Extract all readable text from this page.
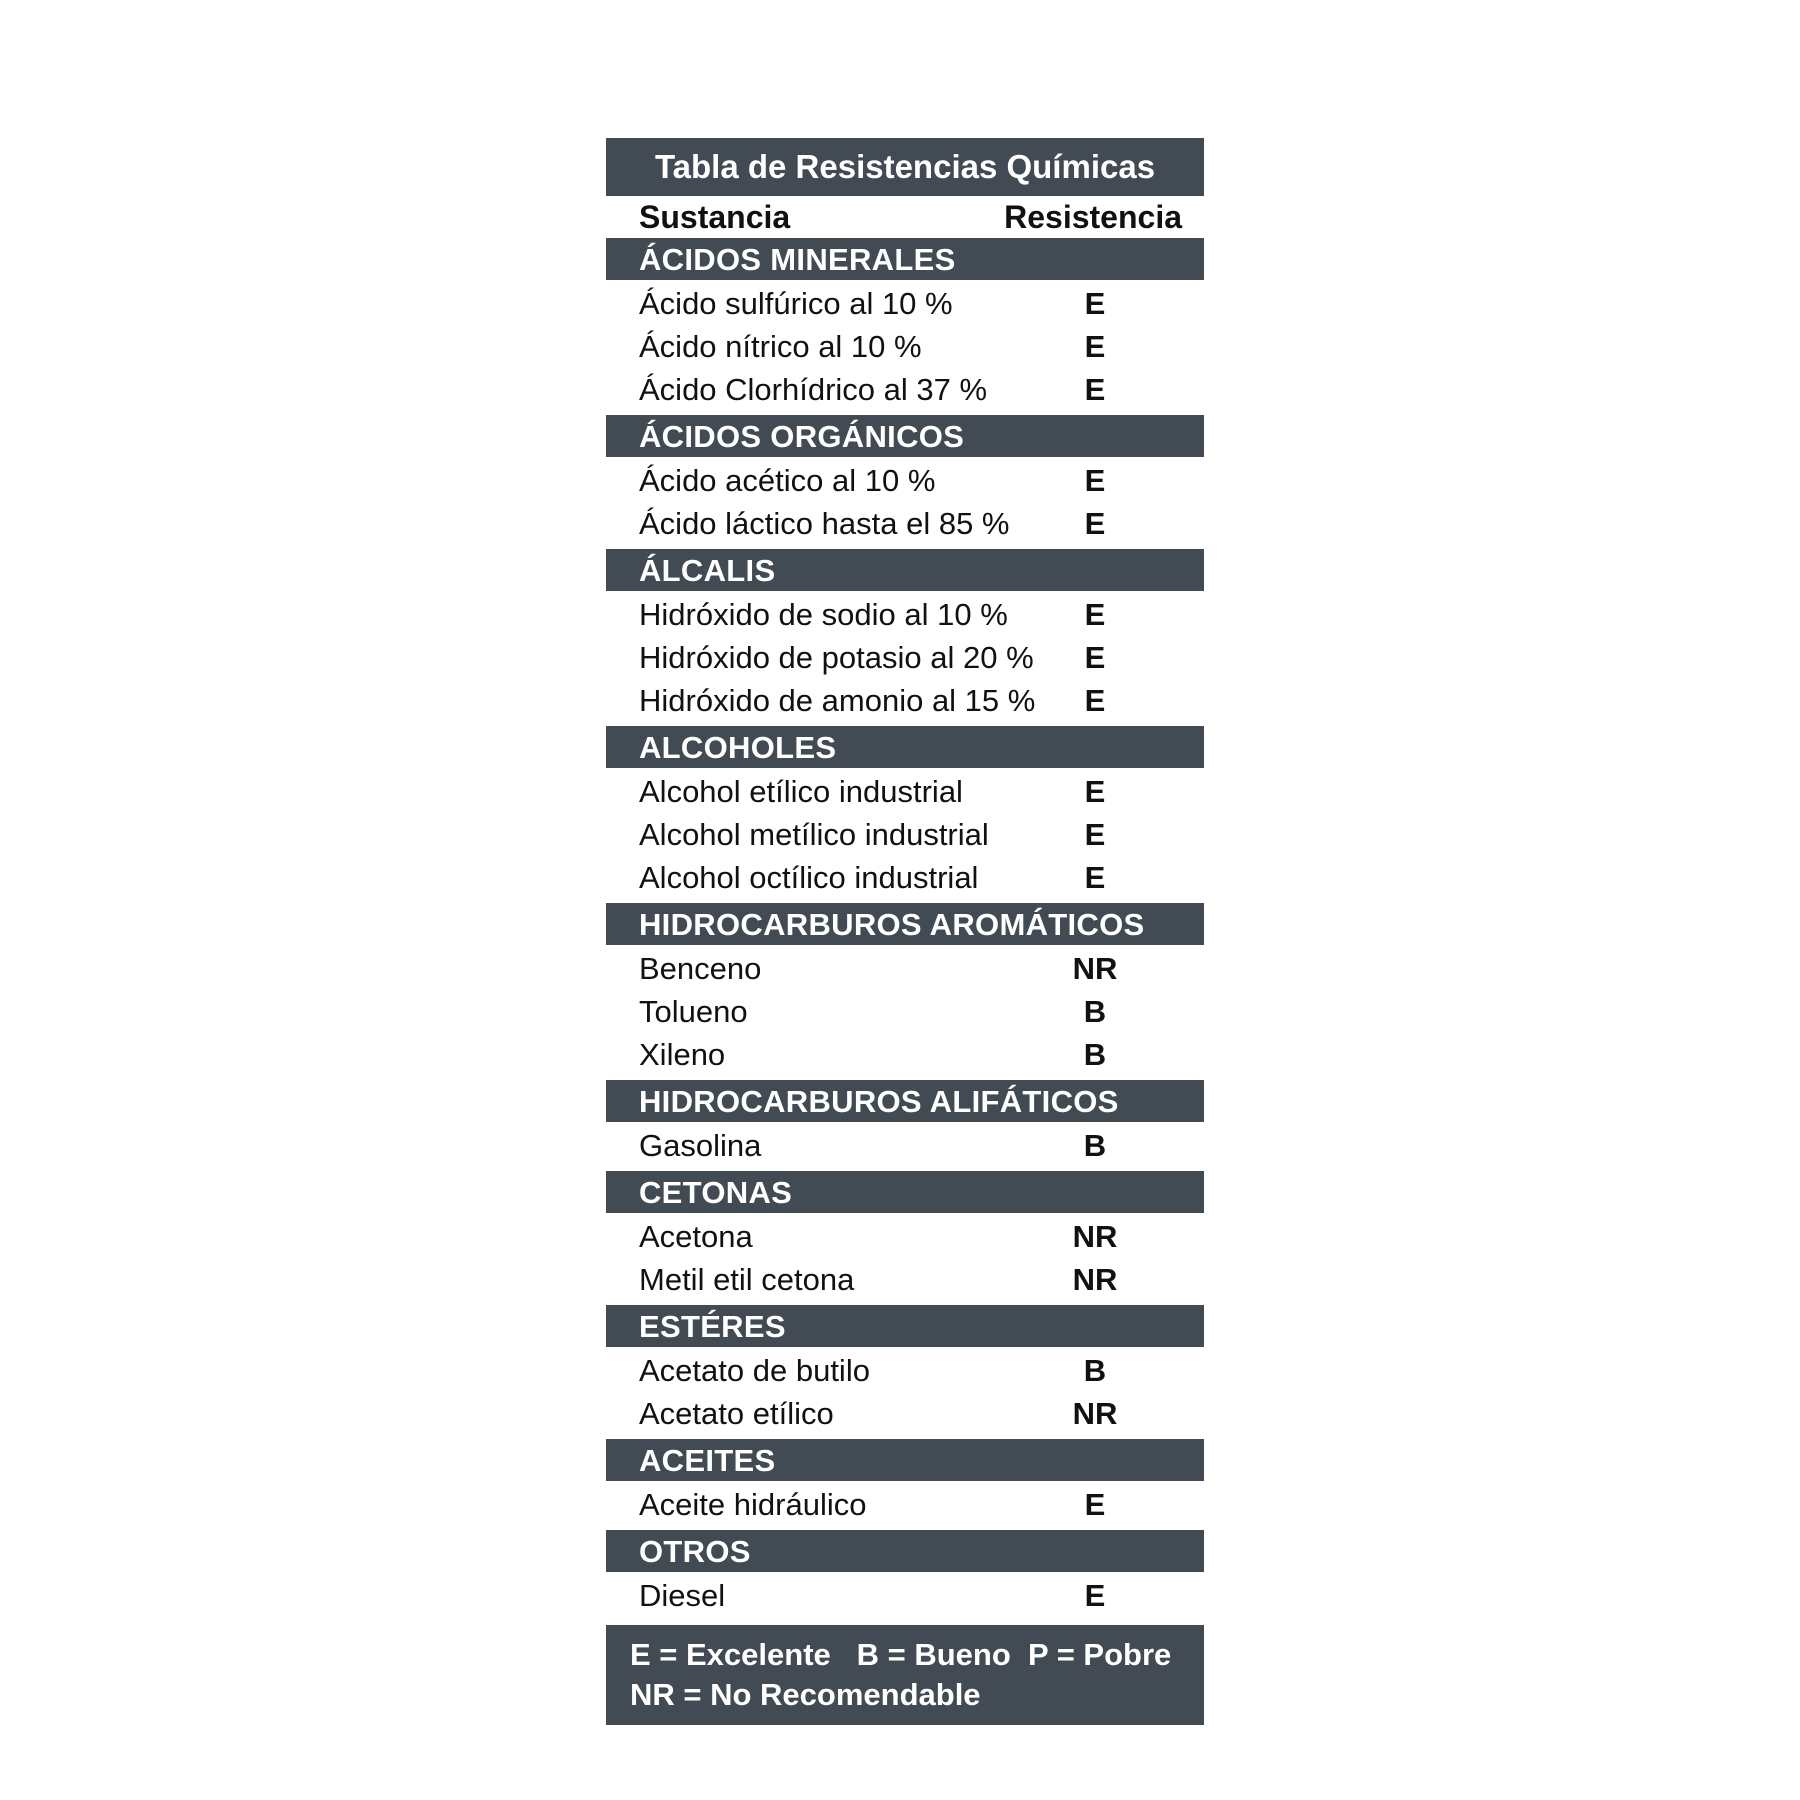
Tabla de Resistencias Químicas
Sustancia	Resistencia
ÁCIDOS MINERALES
Ácido sulfúrico al 10 %	E
Ácido nítrico al 10 %	E
Ácido Clorhídrico al 37 %	E
ÁCIDOS ORGÁNICOS
Ácido acético al 10 %	E
Ácido láctico hasta el 85 %	E
ÁLCALIS
Hidróxido de sodio al 10 %	E
Hidróxido de potasio al 20 %	E
Hidróxido de amonio al 15 %	E
ALCOHOLES
Alcohol etílico industrial	E
Alcohol metílico industrial	E
Alcohol octílico industrial	E
HIDROCARBUROS AROMÁTICOS
Benceno	NR
Tolueno	B
Xileno	B
HIDROCARBUROS ALIFÁTICOS
Gasolina	B
CETONAS
Acetona	NR
Metil etil cetona	NR
ESTÉRES
Acetato de butilo	B
Acetato etílico	NR
ACEITES
Aceite hidráulico	E
OTROS
Diesel	E
E = Excelente   B = Bueno  P = Pobre
NR = No Recomendable
